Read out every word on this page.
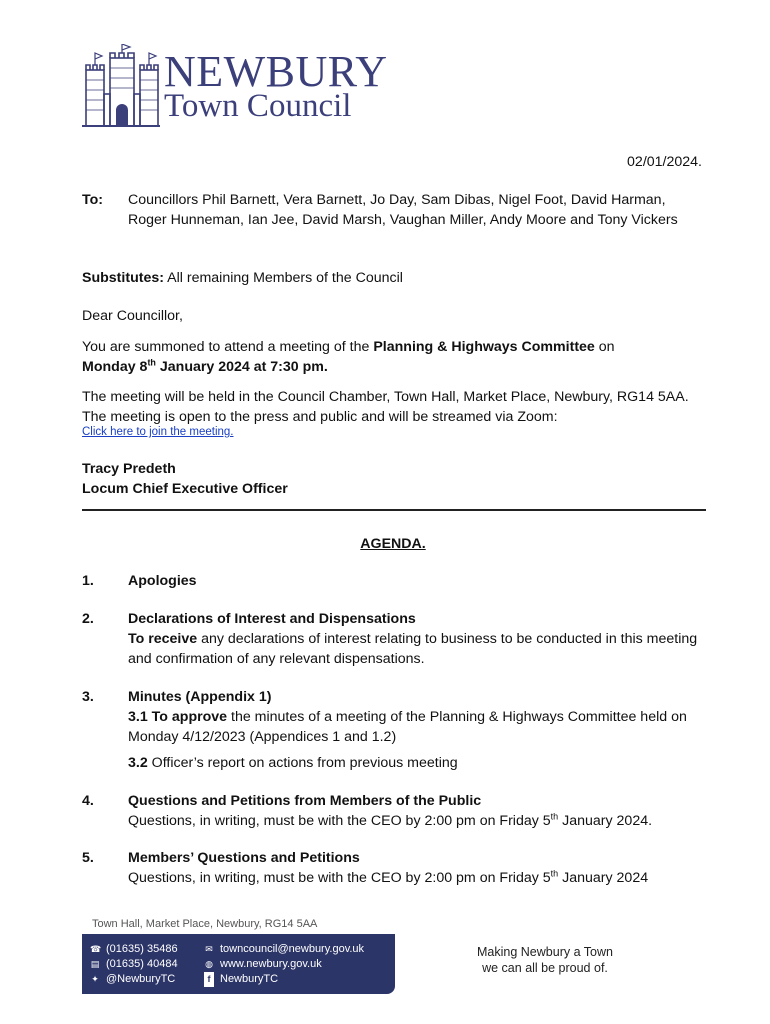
NEWBURY
Town Council
02/01/2024.
To: Councillors Phil Barnett, Vera Barnett, Jo Day, Sam Dibas, Nigel Foot, David Harman, Roger Hunneman, Ian Jee, David Marsh, Vaughan Miller, Andy Moore and Tony Vickers
Substitutes: All remaining Members of the Council
Dear Councillor,
You are summoned to attend a meeting of the Planning & Highways Committee on
Monday 8th January 2024 at 7:30 pm.
The meeting will be held in the Council Chamber, Town Hall, Market Place, Newbury, RG14 5AA. The meeting is open to the press and public and will be streamed via Zoom:
Click here to join the meeting.
Tracy Predeth
Locum Chief Executive Officer
AGENDA.
1. Apologies
2. Declarations of Interest and Dispensations
To receive any declarations of interest relating to business to be conducted in this meeting and confirmation of any relevant dispensations.
3. Minutes (Appendix 1)
3.1 To approve the minutes of a meeting of the Planning & Highways Committee held on Monday 4/12/2023 (Appendices 1 and 1.2)
3.2 Officer’s report on actions from previous meeting
4. Questions and Petitions from Members of the Public
Questions, in writing, must be with the CEO by 2:00 pm on Friday 5th January 2024.
5. Members’ Questions and Petitions
Questions, in writing, must be with the CEO by 2:00 pm on Friday 5th January 2024
Town Hall, Market Place, Newbury, RG14 5AA
☎ (01635) 35486
▤ (01635) 40484
✦ @NewburyTC
✉ towncouncil@newbury.gov.uk
◍ www.newbury.gov.uk
f NewburyTC
Making Newbury a Town
we can all be proud of.
